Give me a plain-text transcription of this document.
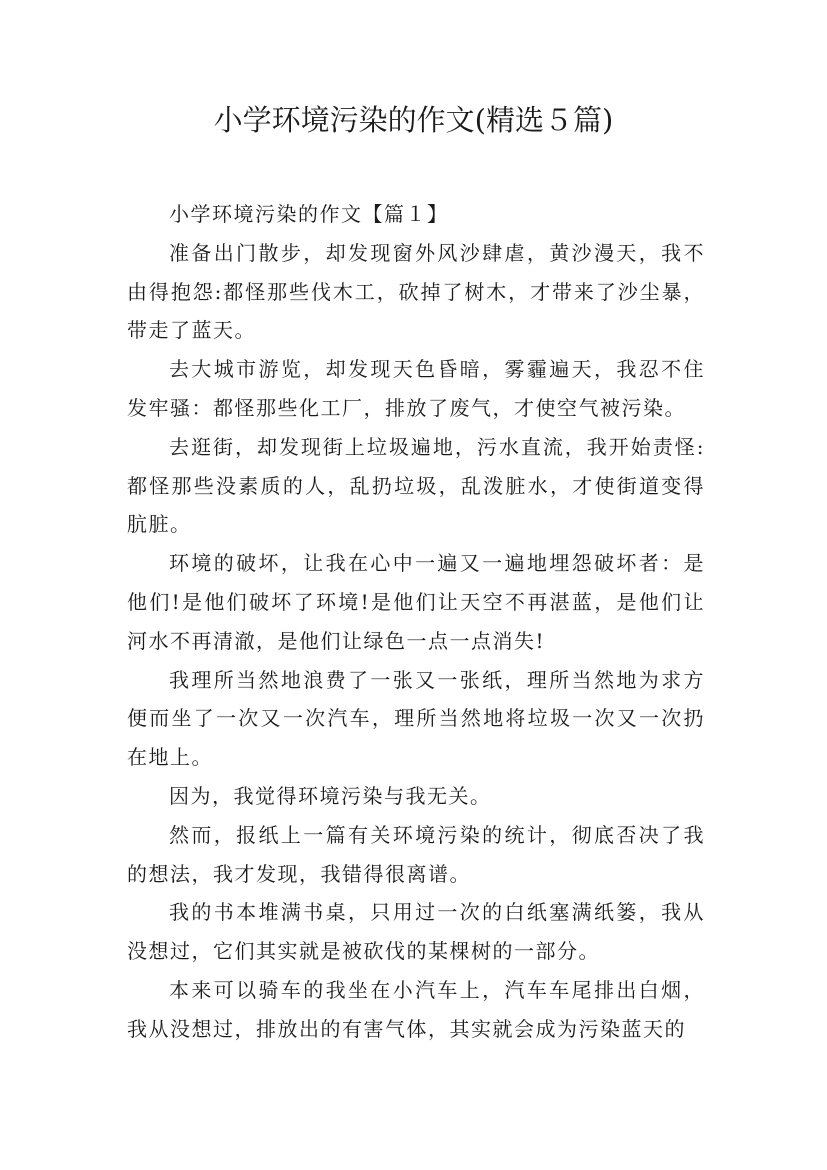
小学环境污染的作文(精选５篇)

小学环境污染的作文【篇１】

准备出门散步，却发现窗外风沙肆虐，黄沙漫天，我不由得抱怨:都怪那些伐木工，砍掉了树木，才带来了沙尘暴，带走了蓝天。

去大城市游览，却发现天色昏暗，雾霾遍天，我忍不住发牢骚：都怪那些化工厂，排放了废气，才使空气被污染。

去逛街，却发现街上垃圾遍地，污水直流，我开始责怪:都怪那些没素质的人，乱扔垃圾，乱泼脏水，才使街道变得肮脏。

环境的破坏，让我在心中一遍又一遍地埋怨破坏者：是他们!是他们破坏了环境!是他们让天空不再湛蓝，是他们让河水不再清澈，是他们让绿色一点一点消失!

我理所当然地浪费了一张又一张纸，理所当然地为求方便而坐了一次又一次汽车，理所当然地将垃圾一次又一次扔在地上。

因为，我觉得环境污染与我无关。

然而，报纸上一篇有关环境污染的统计，彻底否决了我的想法，我才发现，我错得很离谱。

我的书本堆满书桌，只用过一次的白纸塞满纸篓，我从没想过，它们其实就是被砍伐的某棵树的一部分。

本来可以骑车的我坐在小汽车上，汽车车尾排出白烟，我从没想过，排放出的有害气体，其实就会成为污染蓝天的
